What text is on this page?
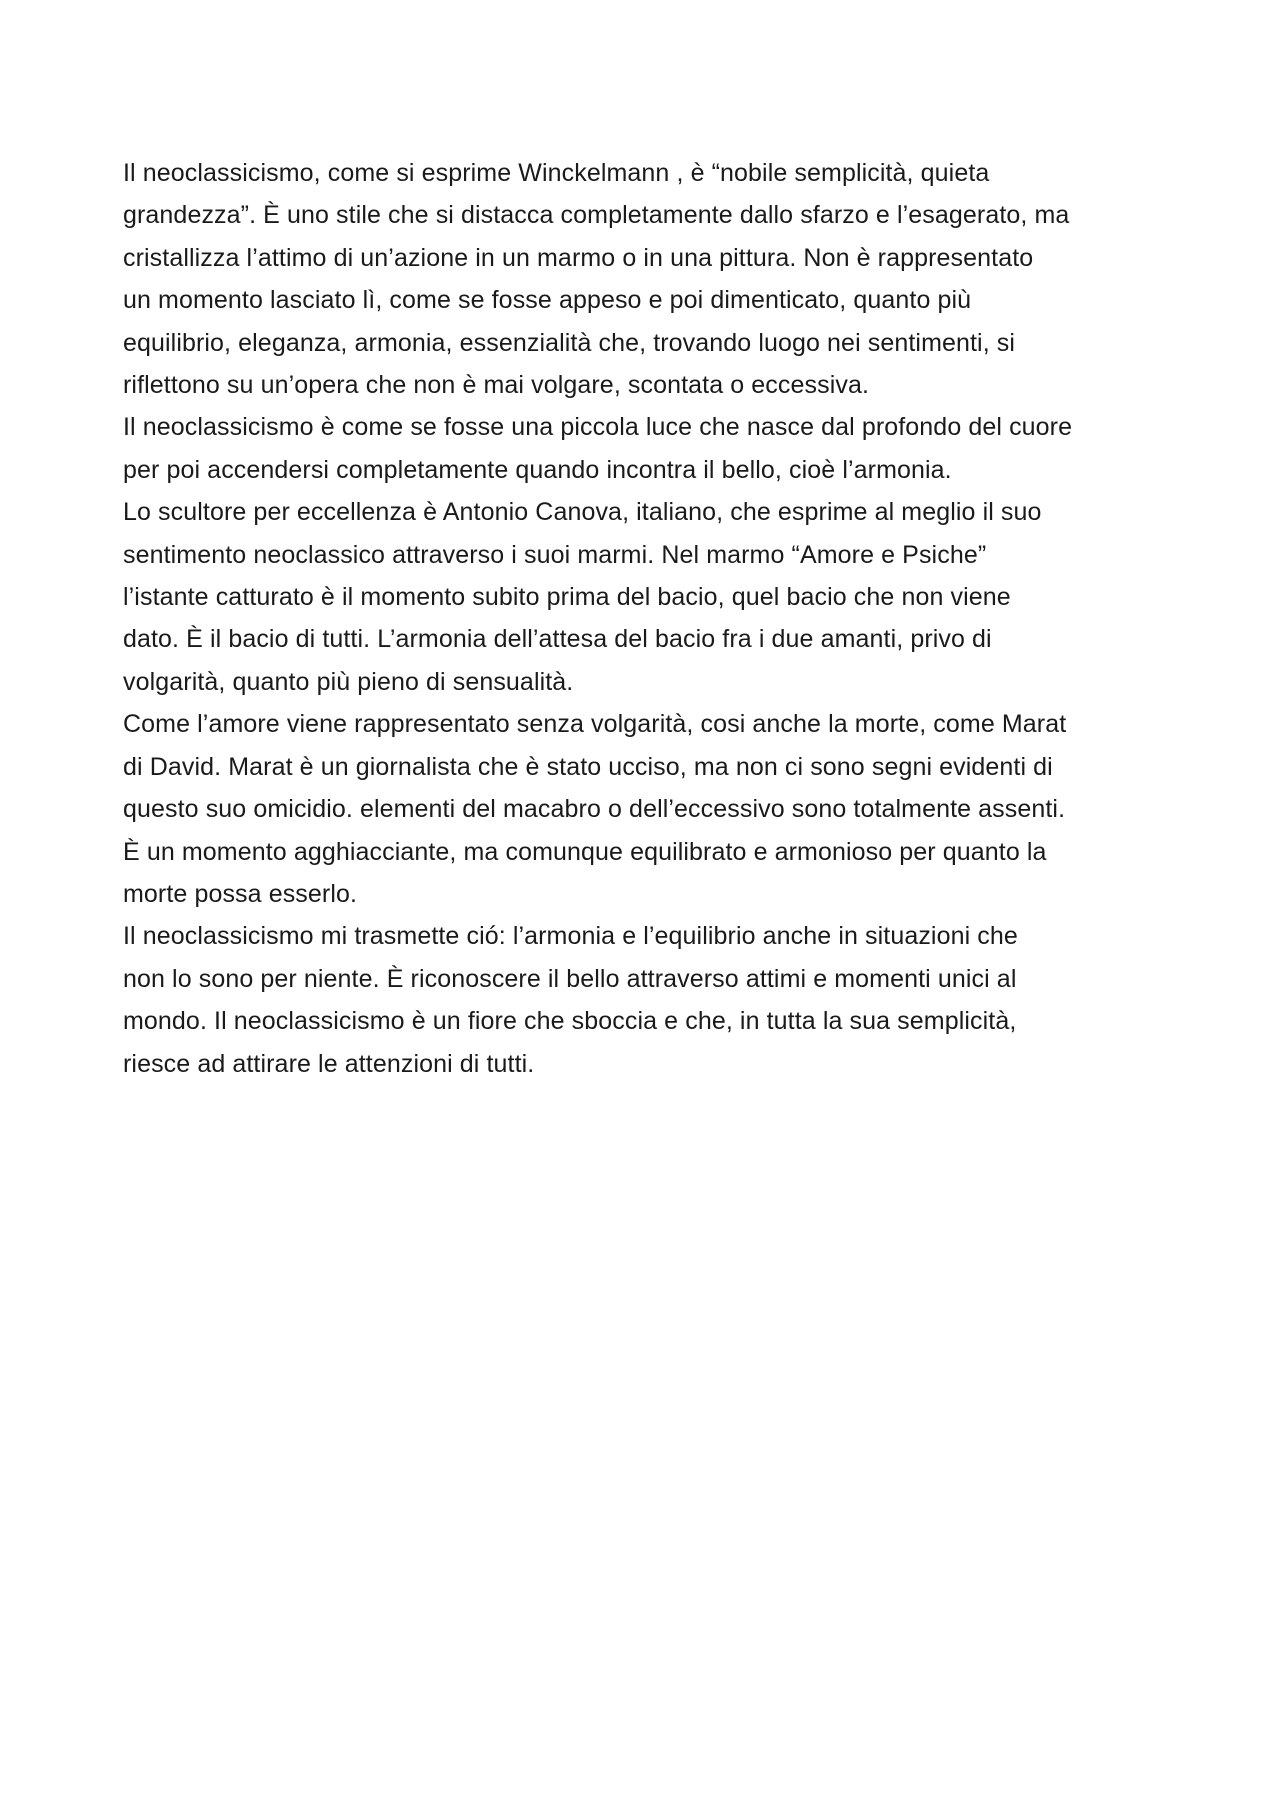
Il neoclassicismo, come si esprime Winckelmann , è “nobile semplicità, quieta
grandezza”. È uno stile che si distacca completamente dallo sfarzo e l’esagerato, ma
cristallizza l’attimo di un’azione in un marmo o in una pittura. Non è rappresentato
un momento lasciato lì, come se fosse appeso e poi dimenticato, quanto più
equilibrio, eleganza, armonia, essenzialità che, trovando luogo nei sentimenti, si
riflettono su un’opera che non è mai volgare, scontata o eccessiva.
Il neoclassicismo è come se fosse una piccola luce che nasce dal profondo del cuore
per poi accendersi completamente quando incontra il bello, cioè l’armonia.
Lo scultore per eccellenza è Antonio Canova, italiano, che esprime al meglio il suo
sentimento neoclassico attraverso i suoi marmi. Nel marmo “Amore e Psiche”
l’istante catturato è il momento subito prima del bacio, quel bacio che non viene
dato. È il bacio di tutti. L’armonia dell’attesa del bacio fra i due amanti, privo di
volgarità, quanto più pieno di sensualità.
Come l’amore viene rappresentato senza volgarità, cosi anche la morte, come Marat
di David. Marat è un giornalista che è stato ucciso, ma non ci sono segni evidenti di
questo suo omicidio. elementi del macabro o dell’eccessivo sono totalmente assenti.
È un momento agghiacciante, ma comunque equilibrato e armonioso per quanto la
morte possa esserlo.
Il neoclassicismo mi trasmette ció: l’armonia e l’equilibrio anche in situazioni che
non lo sono per niente. È riconoscere il bello attraverso attimi e momenti unici al
mondo. Il neoclassicismo è un fiore che sboccia e che, in tutta la sua semplicità,
riesce ad attirare le attenzioni di tutti.
